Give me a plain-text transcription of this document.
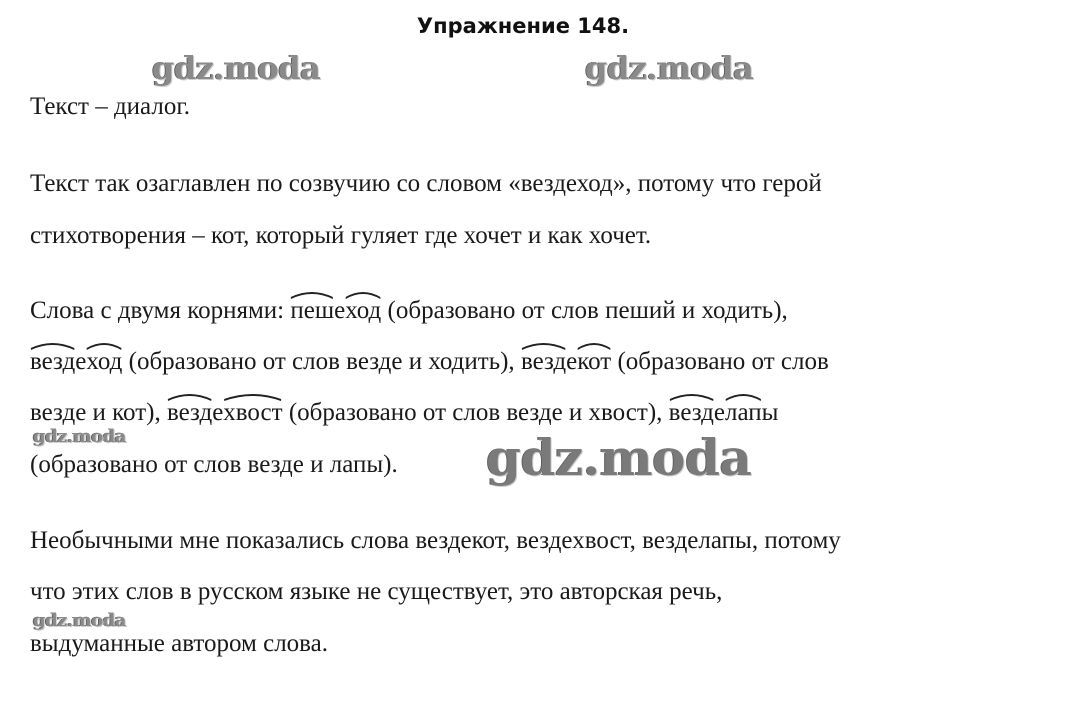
Упражнение 148.
gdz.moda	gdz.moda
Текст – диалог.
Текст так озаглавлен по созвучию со словом «вездеход», потому что герой
стихотворения – кот, который гуляет где хочет и как хочет.
Слова с двумя корнями:
пеше
ход (образовано от слов пеший и ходить),
везде
ход (образовано от слов везде и ходить),
везде
кот (образовано от слов
везде и кот),
везде
хвост (образовано от слов везде и хвост),
везде
лапы
gdz.moda
(образовано от слов везде и лапы). gdz.moda
Необычными мне показались слова вездекот, вездехвост, везделапы, потому
что этих слов в русском языке не существует, это авторская речь,
gdz.moda
выдуманные автором слова.
